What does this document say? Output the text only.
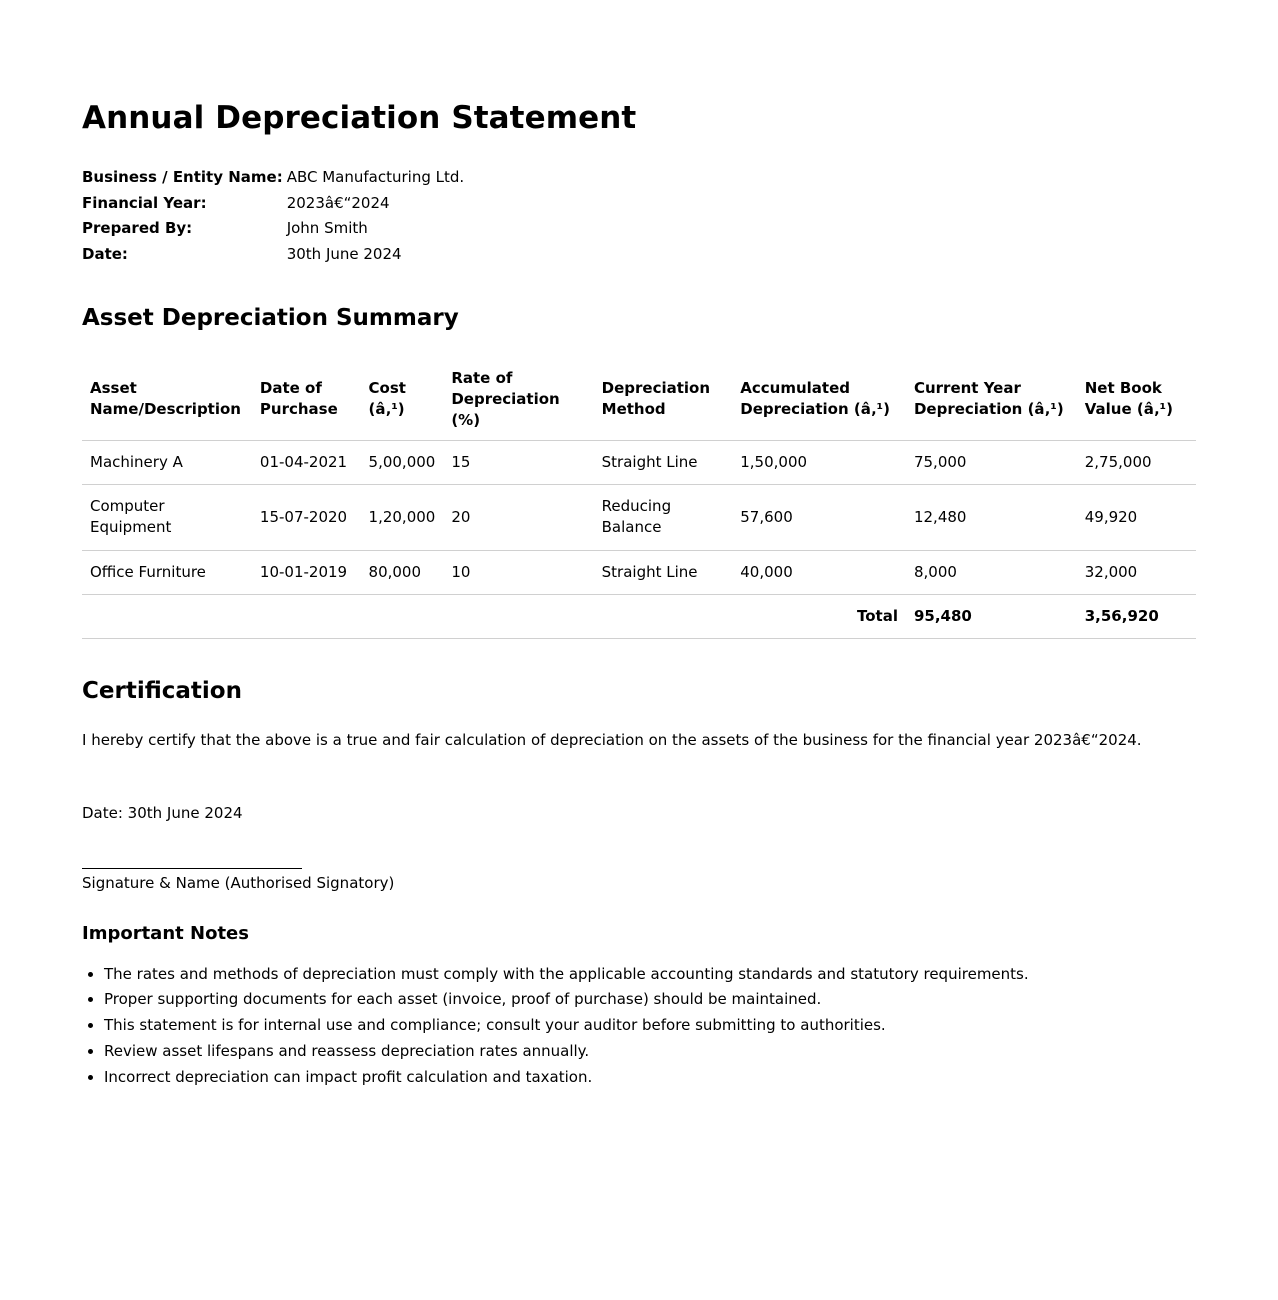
Annual Depreciation Statement
Business / Entity Name:	ABC Manufacturing Ltd.
Financial Year:	2023â€“2024
Prepared By:	John Smith
Date:	30th June 2024
Asset Depreciation Summary
Asset Name/Description	Date of Purchase	Cost (â‚¹)	Rate of Depreciation (%)	Depreciation Method	Accumulated Depreciation (â‚¹)	Current Year Depreciation (â‚¹)	Net Book Value (â‚¹)
Machinery A	01-04-2021	5,00,000	15	Straight Line	1,50,000	75,000	2,75,000
Computer Equipment	15-07-2020	1,20,000	20	Reducing Balance	57,600	12,480	49,920
Office Furniture	10-01-2019	80,000	10	Straight Line	40,000	8,000	32,000
Total						95,480	3,56,920
Certification

I hereby certify that the above is a true and fair calculation of depreciation on the assets of the business for the financial year 2023â€“2024.

Date: 30th June 2024

Signature & Name (Authorised Signatory)

Important Notes
• The rates and methods of depreciation must comply with the applicable accounting standards and statutory requirements.
• Proper supporting documents for each asset (invoice, proof of purchase) should be maintained.
• This statement is for internal use and compliance; consult your auditor before submitting to authorities.
• Review asset lifespans and reassess depreciation rates annually.
• Incorrect depreciation can impact profit calculation and taxation.
